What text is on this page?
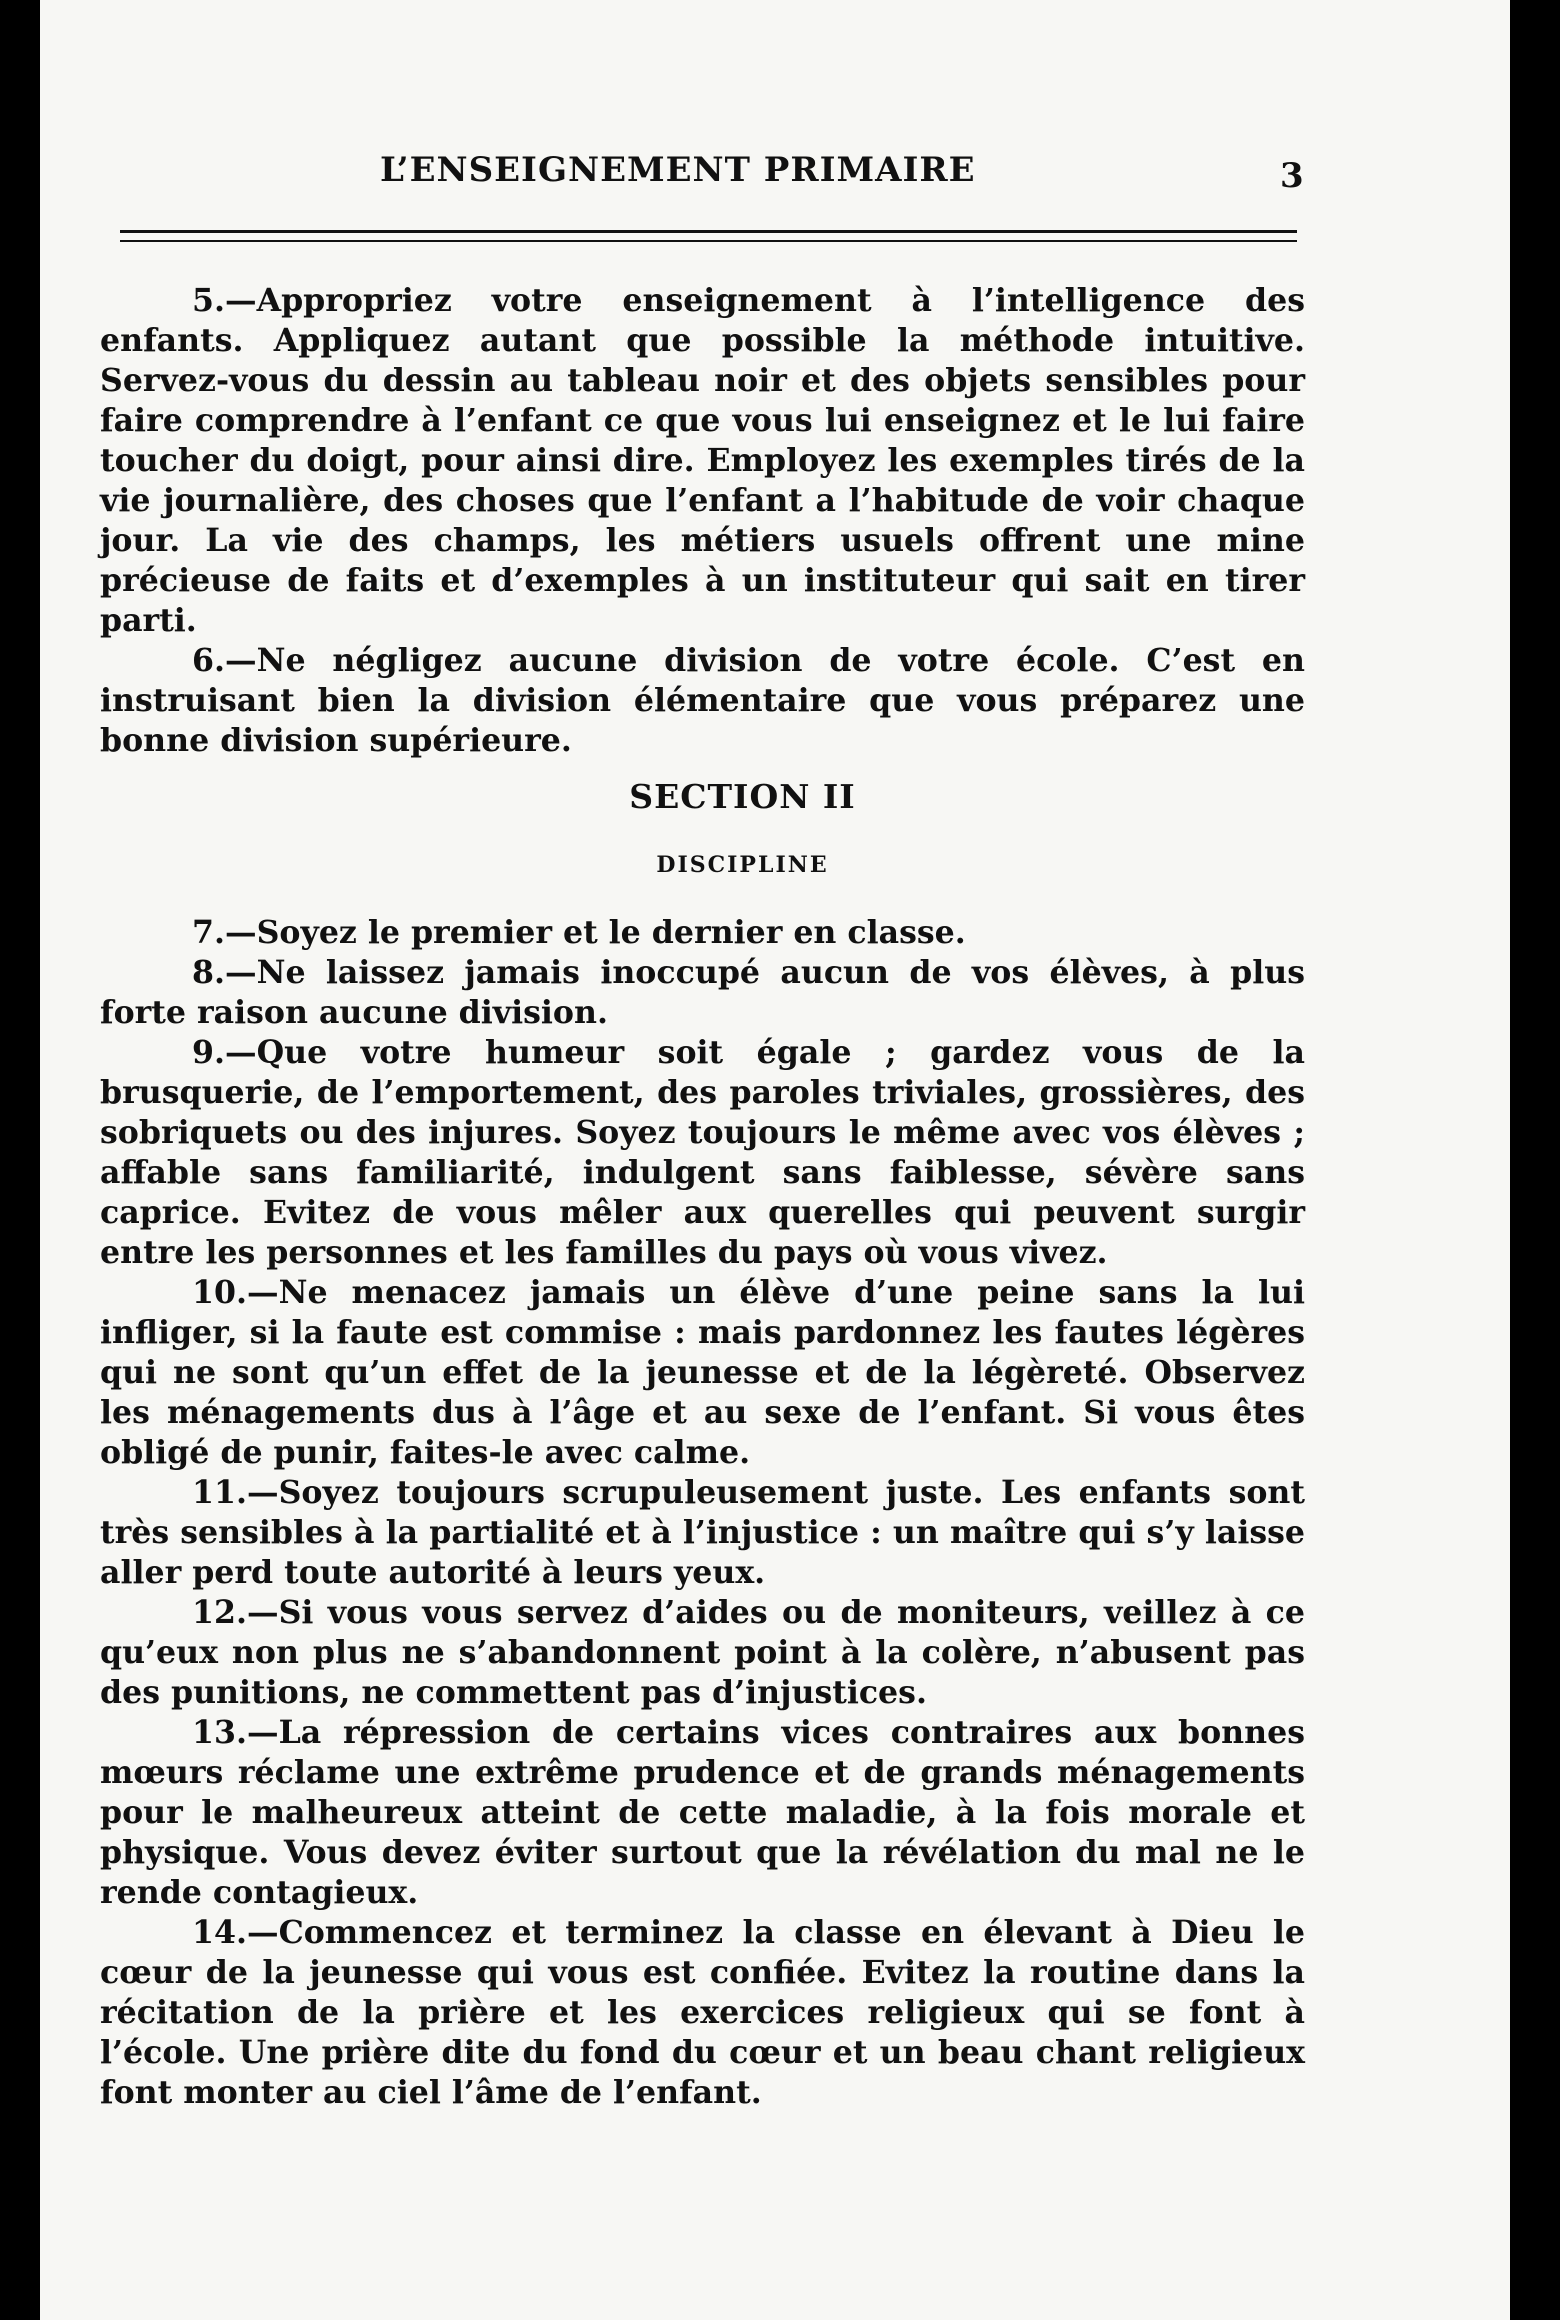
L’ENSEIGNEMENT PRIMAIRE	3

5.—Appropriez votre enseignement à l’intelligence des enfants. Appliquez autant que possible la méthode intuitive. Servez-vous du dessin au tableau noir et des objets sensibles pour faire comprendre à l’enfant ce que vous lui enseignez et le lui faire toucher du doigt, pour ainsi dire. Employez les exemples tirés de la vie journalière, des choses que l’enfant a l’habitude de voir chaque jour. La vie des champs, les métiers usuels offrent une mine précieuse de faits et d’exemples à un instituteur qui sait en tirer parti.

6.—Ne négligez aucune division de votre école. C’est en instruisant bien la division élémentaire que vous préparez une bonne division supérieure.

SECTION II
DISCIPLINE

7.—Soyez le premier et le dernier en classe.

8.—Ne laissez jamais inoccupé aucun de vos élèves, à plus forte raison aucune division.

9.—Que votre humeur soit égale ; gardez vous de la brusquerie, de l’emportement, des paroles triviales, grossières, des sobriquets ou des injures. Soyez toujours le même avec vos élèves ; affable sans familiarité, indulgent sans faiblesse, sévère sans caprice. Evitez de vous mêler aux querelles qui peuvent surgir entre les personnes et les familles du pays où vous vivez.

10.—Ne menacez jamais un élève d’une peine sans la lui infliger, si la faute est commise : mais pardonnez les fautes légères qui ne sont qu’un effet de la jeunesse et de la légèreté. Observez les ménagements dus à l’âge et au sexe de l’enfant. Si vous êtes obligé de punir, faites-le avec calme.

11.—Soyez toujours scrupuleusement juste. Les enfants sont très sensibles à la partialité et à l’injustice : un maître qui s’y laisse aller perd toute autorité à leurs yeux.

12.—Si vous vous servez d’aides ou de moniteurs, veillez à ce qu’eux non plus ne s’abandonnent point à la colère, n’abusent pas des punitions, ne commettent pas d’injustices.

13.—La répression de certains vices contraires aux bonnes mœurs réclame une extrême prudence et de grands ménagements pour le malheureux atteint de cette maladie, à la fois morale et physique. Vous devez éviter surtout que la révélation du mal ne le rende contagieux.

14.—Commencez et terminez la classe en élevant à Dieu le cœur de la jeunesse qui vous est confiée. Evitez la routine dans la récitation de la prière et les exercices religieux qui se font à l’école. Une prière dite du fond du cœur et un beau chant religieux font monter au ciel l’âme de l’enfant.
